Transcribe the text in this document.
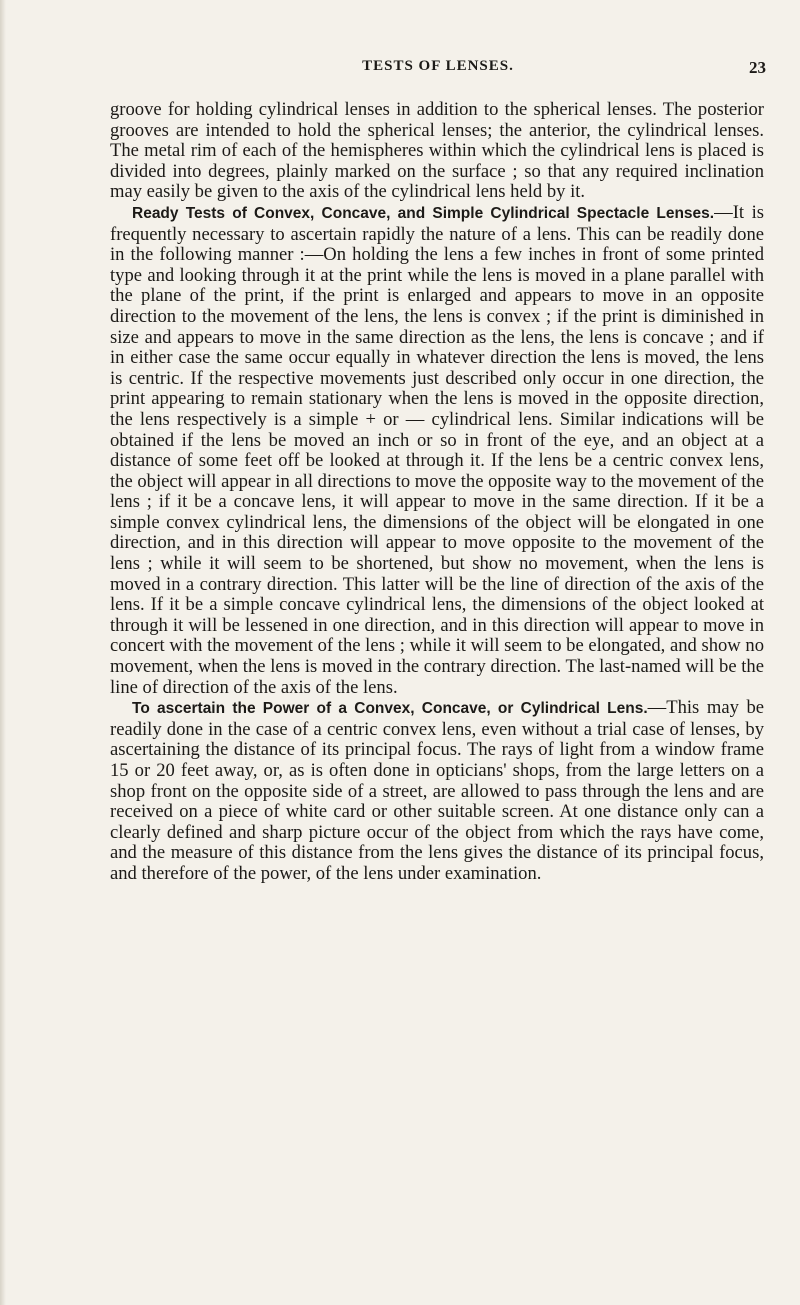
TESTS OF LENSES.	23

groove for holding cylindrical lenses in addition to the spherical lenses. The posterior grooves are intended to hold the spherical lenses; the anterior, the cylindrical lenses. The metal rim of each of the hemispheres within which the cylindrical lens is placed is divided into degrees, plainly marked on the surface ; so that any required inclination may easily be given to the axis of the cylindrical lens held by it.

Ready Tests of Convex, Concave, and Simple Cylindrical Spectacle Lenses.—It is frequently necessary to ascertain rapidly the nature of a lens. This can be readily done in the following manner :—On holding the lens a few inches in front of some printed type and looking through it at the print while the lens is moved in a plane parallel with the plane of the print, if the print is enlarged and appears to move in an opposite direction to the movement of the lens, the lens is convex ; if the print is diminished in size and appears to move in the same direction as the lens, the lens is concave ; and if in either case the same occur equally in whatever direction the lens is moved, the lens is centric. If the respective movements just described only occur in one direction, the print appearing to remain stationary when the lens is moved in the opposite direction, the lens respectively is a simple + or — cylindrical lens. Similar indications will be obtained if the lens be moved an inch or so in front of the eye, and an object at a distance of some feet off be looked at through it. If the lens be a centric convex lens, the object will appear in all directions to move the opposite way to the movement of the lens ; if it be a concave lens, it will appear to move in the same direction. If it be a simple convex cylindrical lens, the dimensions of the object will be elongated in one direction, and in this direction will appear to move opposite to the movement of the lens ; while it will seem to be shortened, but show no movement, when the lens is moved in a contrary direction. This latter will be the line of direction of the axis of the lens. If it be a simple concave cylindrical lens, the dimensions of the object looked at through it will be lessened in one direction, and in this direction will appear to move in concert with the movement of the lens ; while it will seem to be elongated, and show no movement, when the lens is moved in the contrary direction. The last-named will be the line of direction of the axis of the lens.

To ascertain the Power of a Convex, Concave, or Cylindrical Lens.—This may be readily done in the case of a centric convex lens, even without a trial case of lenses, by ascertaining the distance of its principal focus. The rays of light from a window frame 15 or 20 feet away, or, as is often done in opticians' shops, from the large letters on a shop front on the opposite side of a street, are allowed to pass through the lens and are received on a piece of white card or other suitable screen. At one distance only can a clearly defined and sharp picture occur of the object from which the rays have come, and the measure of this distance from the lens gives the distance of its principal focus, and therefore of the power, of the lens under examination.
